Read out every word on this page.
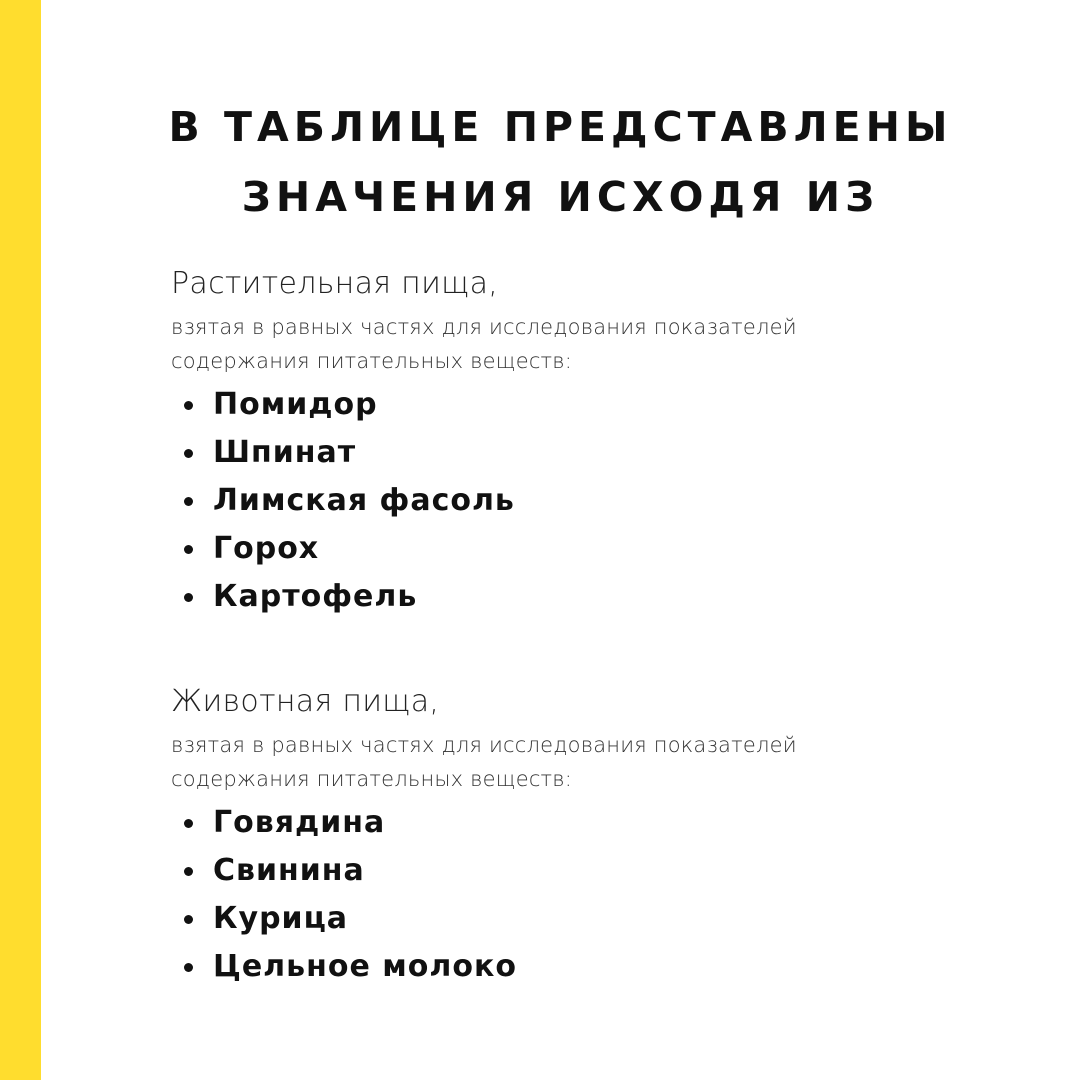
В ТАБЛИЦЕ ПРЕДСТАВЛЕНЫ
ЗНАЧЕНИЯ ИСХОДЯ ИЗ
Растительная пища,
взятая в равных частях для исследования показателей
содержания питательных веществ:
Помидор
Шпинат
Лимская фасоль
Горох
Картофель
Животная пища,
взятая в равных частях для исследования показателей
содержания питательных веществ:
Говядина
Свинина
Курица
Цельное молоко
